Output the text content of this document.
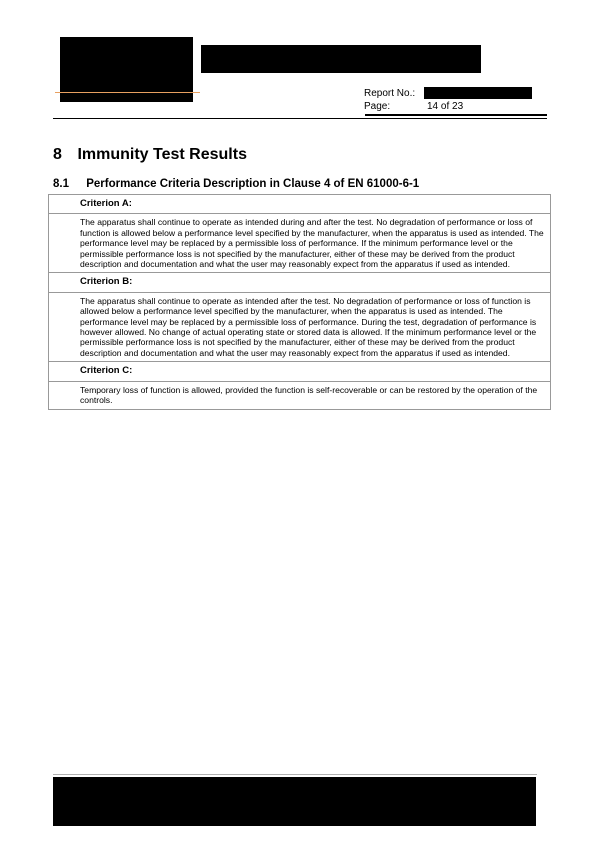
Report No.:
Page:	14 of 23
8 Immunity Test Results
8.1 Performance Criteria Description in Clause 4 of EN 61000-6-1
Criterion A:
The apparatus shall continue to operate as intended during and after the test. No degradation of performance or loss of function is allowed below a performance level specified by the manufacturer, when the apparatus is used as intended. The performance level may be replaced by a permissible loss of performance. If the minimum performance level or the permissible performance loss is not specified by the manufacturer, either of these may be derived from the product description and documentation and what the user may reasonably expect from the apparatus if used as intended.
Criterion B:
The apparatus shall continue to operate as intended after the test. No degradation of performance or loss of function is allowed below a performance level specified by the manufacturer, when the apparatus is used as intended. The performance level may be replaced by a permissible loss of performance. During the test, degradation of performance is however allowed. No change of actual operating state or stored data is allowed. If the minimum performance level or the permissible performance loss is not specified by the manufacturer, either of these may be derived from the product description and documentation and what the user may reasonably expect from the apparatus if used as intended.
Criterion C:
Temporary loss of function is allowed, provided the function is self-recoverable or can be restored by the operation of the controls.
